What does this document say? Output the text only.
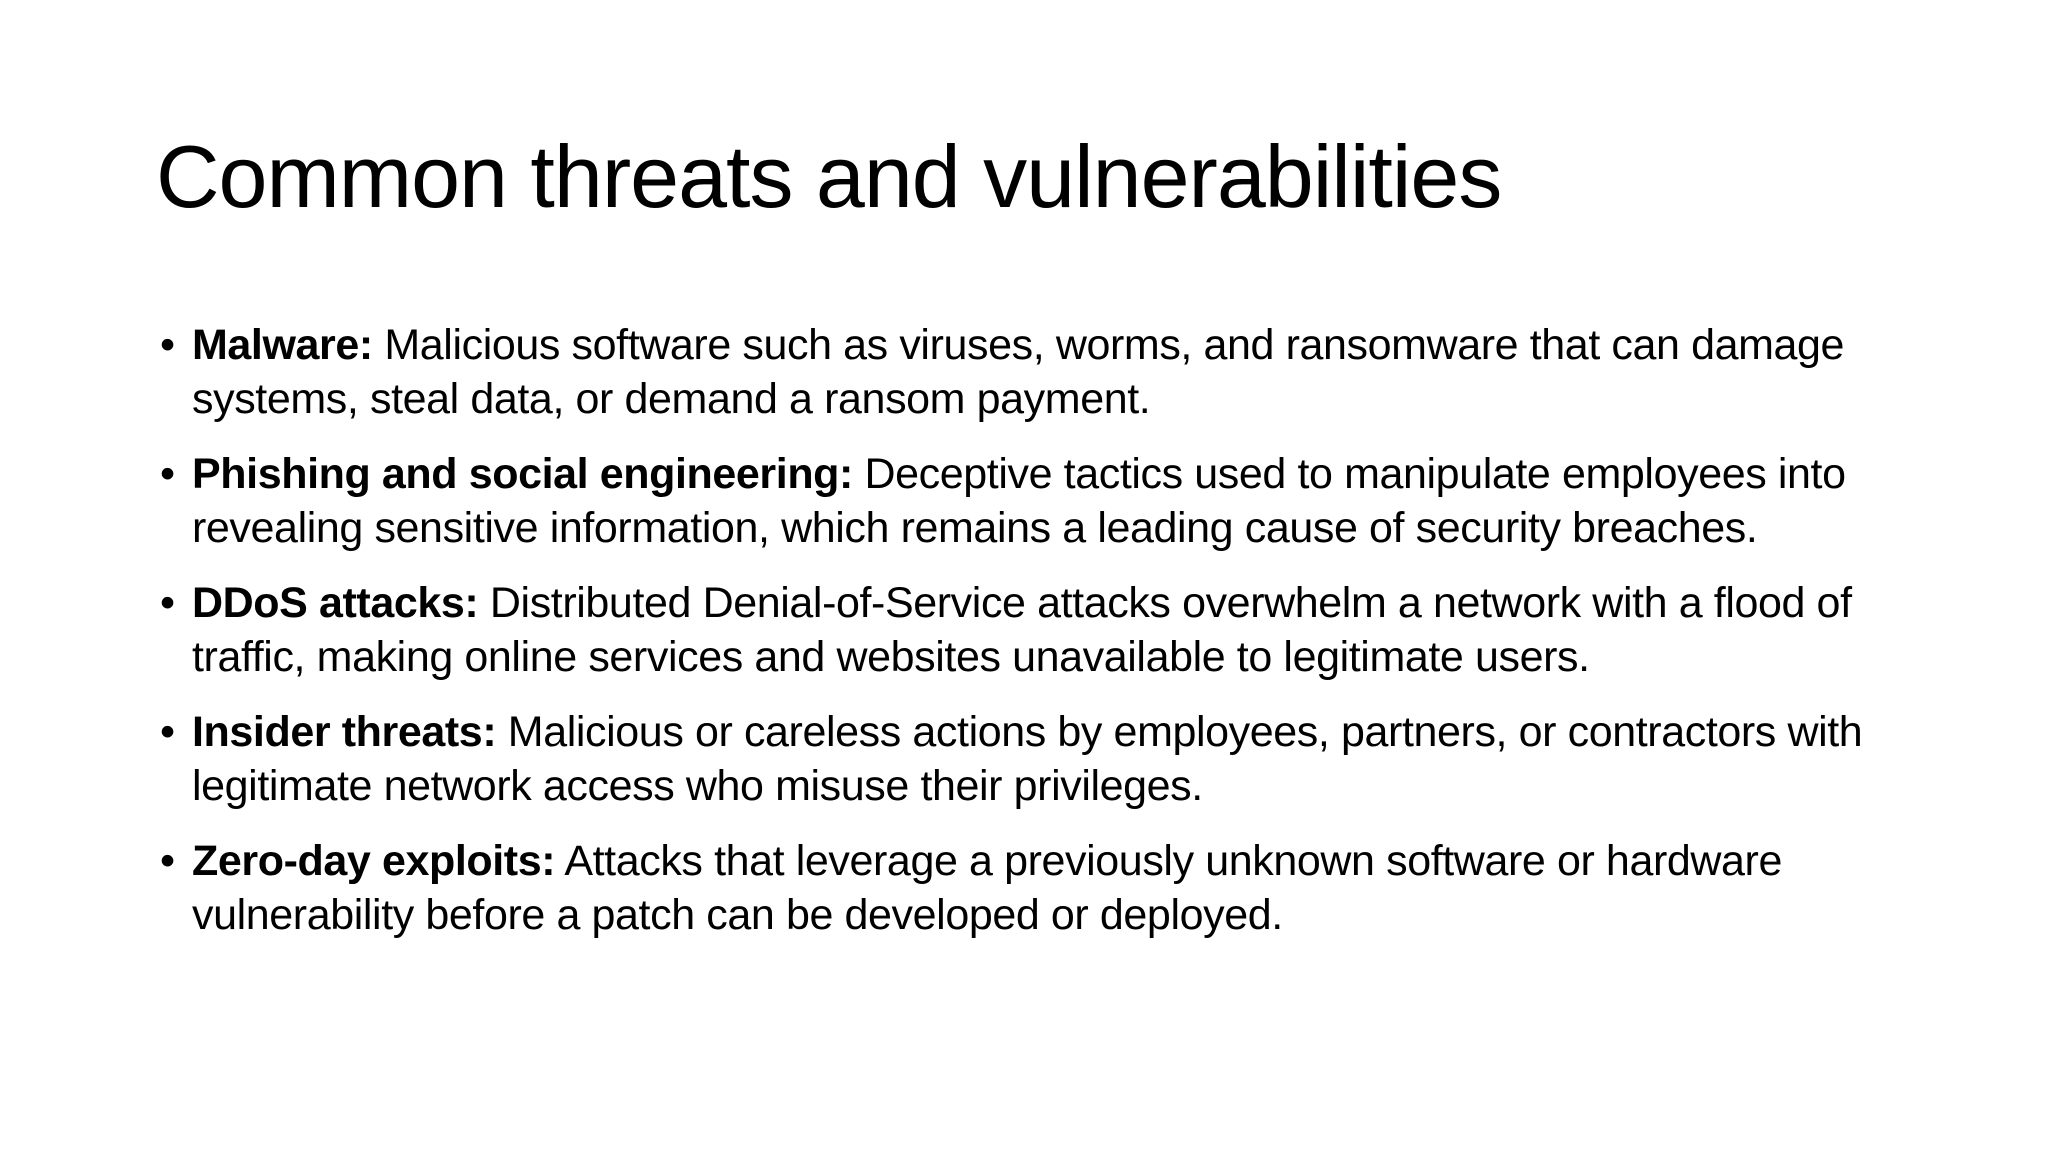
Common threats and vulnerabilities
• Malware: Malicious software such as viruses, worms, and ransomware that can damage systems, steal data, or demand a ransom payment.
• Phishing and social engineering: Deceptive tactics used to manipulate employees into revealing sensitive information, which remains a leading cause of security breaches.
• DDoS attacks: Distributed Denial-of-Service attacks overwhelm a network with a flood of traffic, making online services and websites unavailable to legitimate users.
• Insider threats: Malicious or careless actions by employees, partners, or contractors with legitimate network access who misuse their privileges.
• Zero-day exploits: Attacks that leverage a previously unknown software or hardware vulnerability before a patch can be developed or deployed.
